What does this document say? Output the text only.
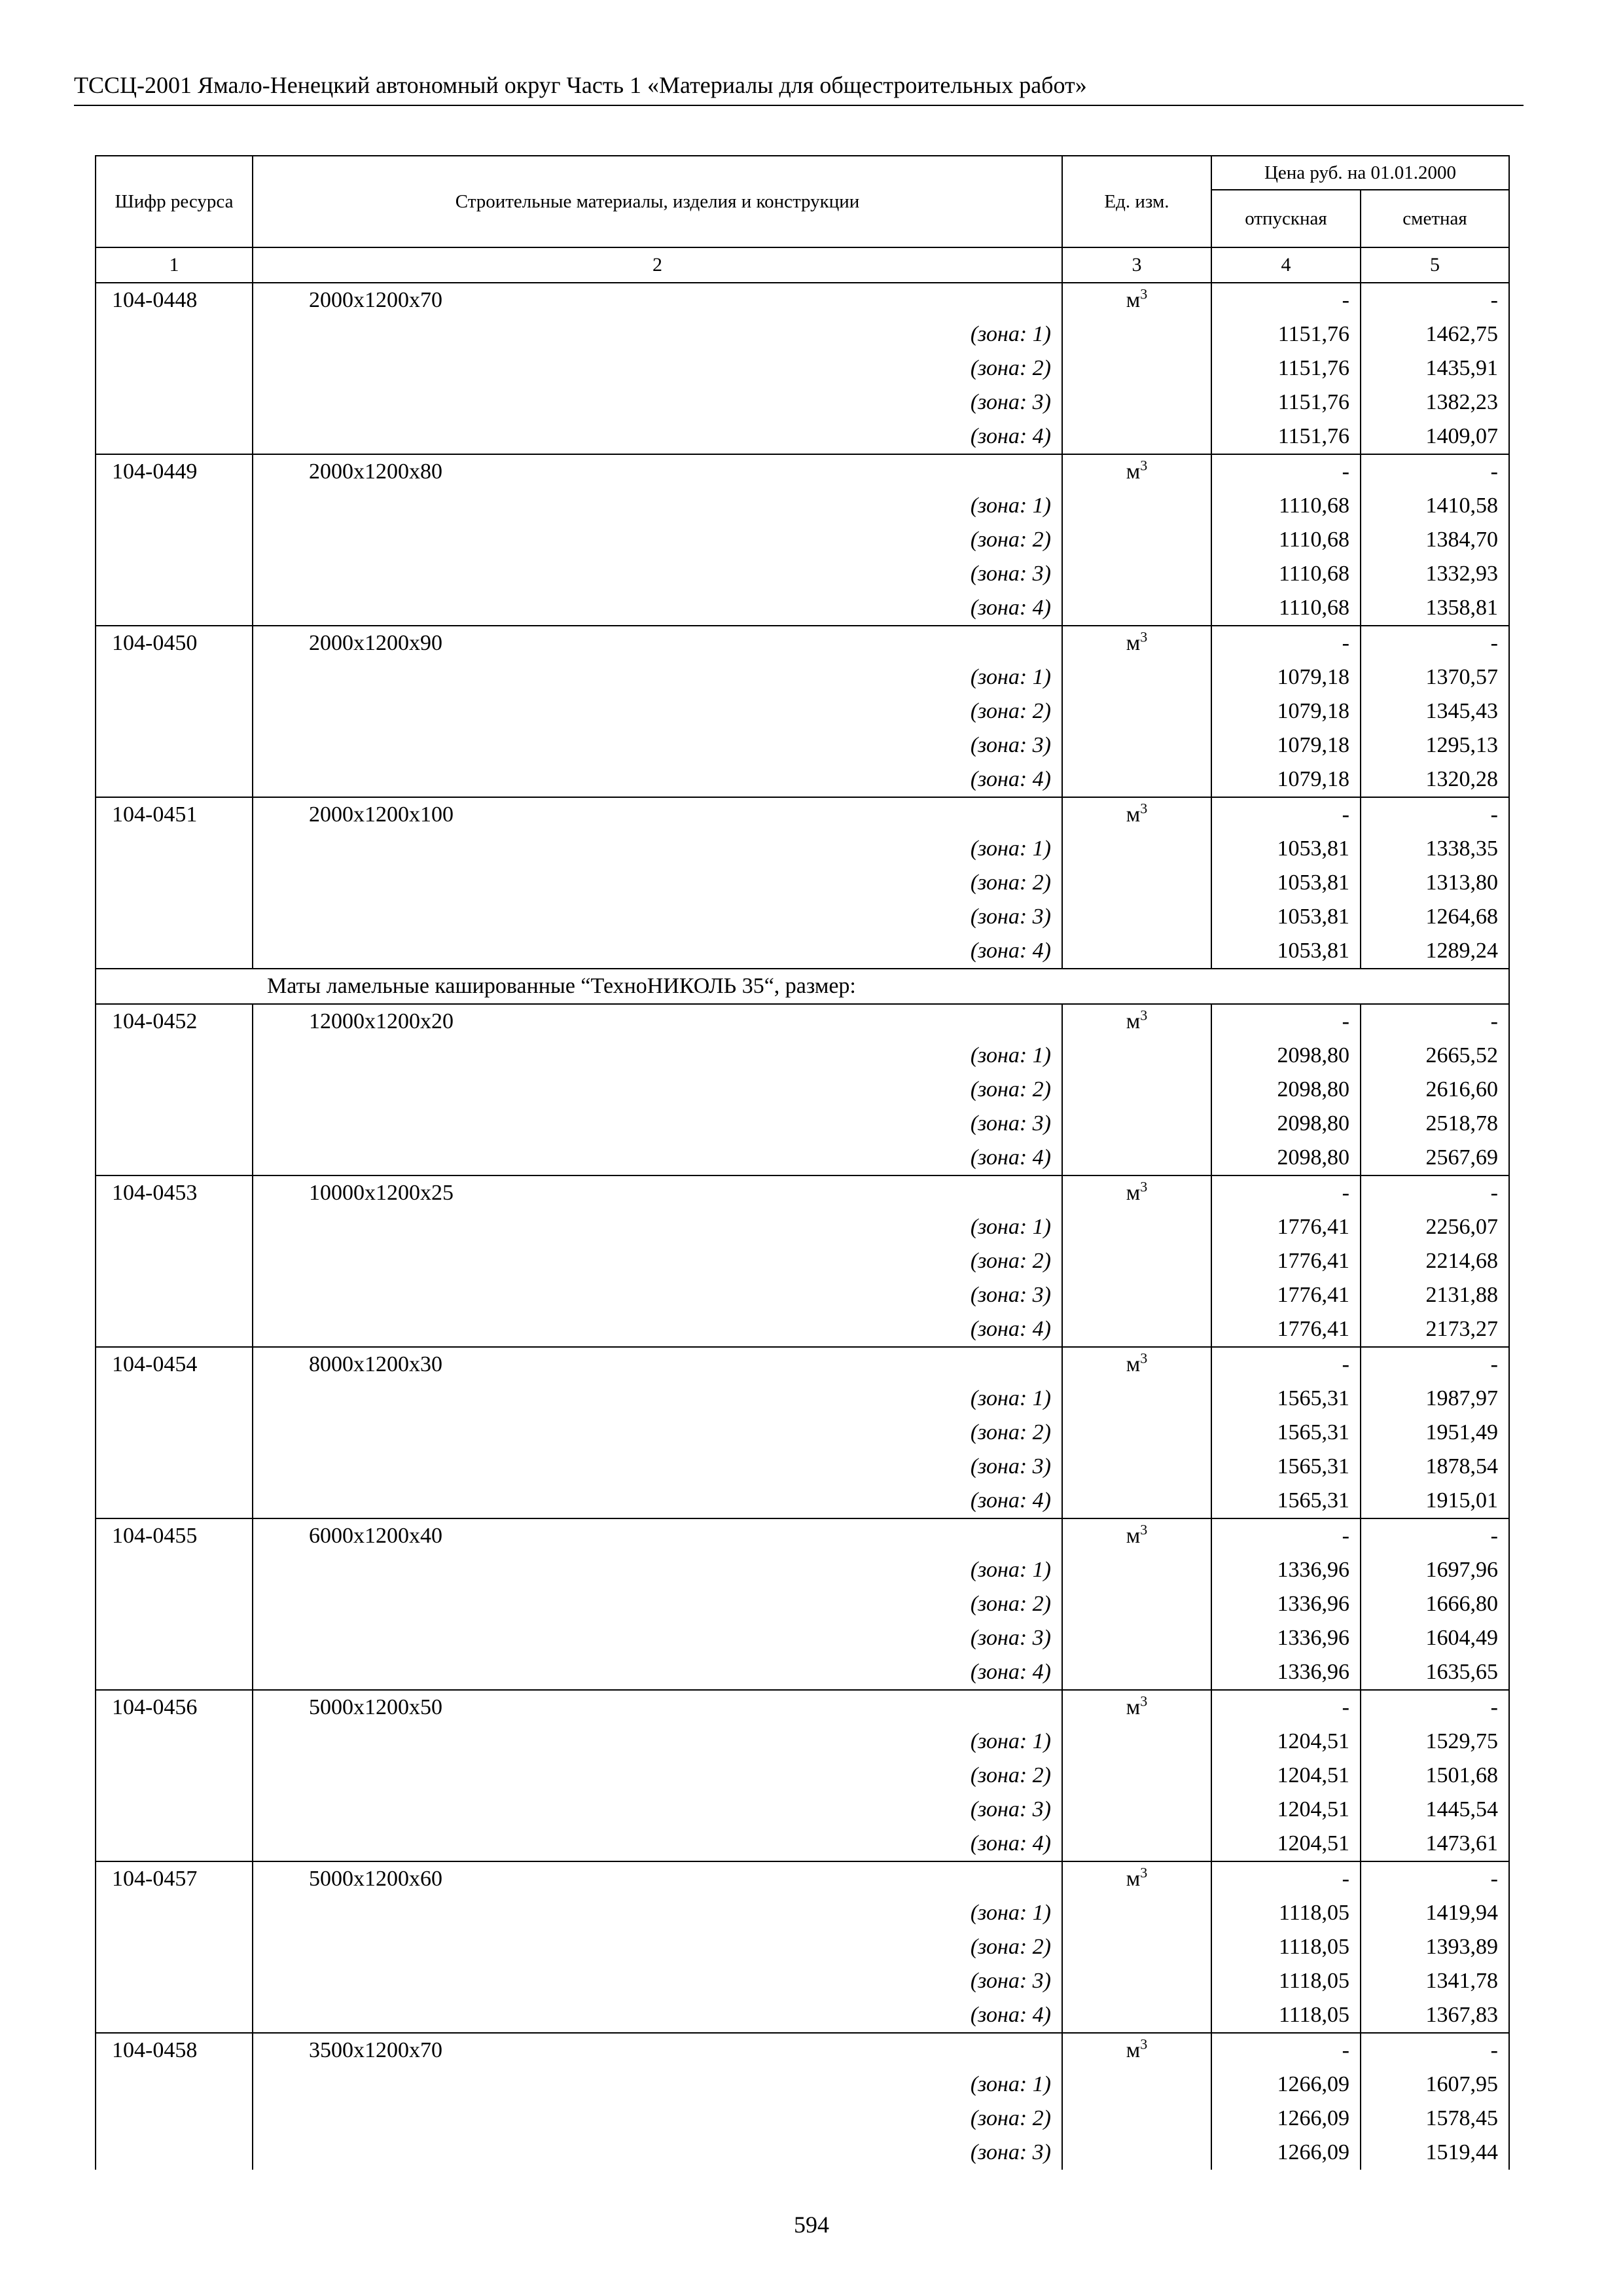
ТССЦ-2001 Ямало-Ненецкий автономный округ Часть 1 «Материалы для общестроительных работ»
Шифр ресурса	Строительные материалы, изделия и конструкции	Ед. изм.	Цена руб. на 01.01.2000	
			отпускная	сметная
1	2	3	4	5
104-0448	2000х1200х70	$м^3$	-	-
	(зона: 1)		1151,76	1462,75
	(зона: 2)		1151,76	1435,91
	(зона: 3)		1151,76	1382,23
	(зона: 4)		1151,76	1409,07
104-0449	2000х1200х80	$м^3$	-	-
	(зона: 1)		1110,68	1410,58
	(зона: 2)		1110,68	1384,70
	(зона: 3)		1110,68	1332,93
	(зона: 4)		1110,68	1358,81
104-0450	2000х1200х90	$м^3$	-	-
	(зона: 1)		1079,18	1370,57
	(зона: 2)		1079,18	1345,43
	(зона: 3)		1079,18	1295,13
	(зона: 4)		1079,18	1320,28
104-0451	2000х1200х100	$м^3$	-	-
	(зона: 1)		1053,81	1338,35
	(зона: 2)		1053,81	1313,80
	(зона: 3)		1053,81	1264,68
	(зона: 4)		1053,81	1289,24
	Маты ламельные кашированные “ТехноНИКОЛЬ 35“, размер:			
104-0452	12000х1200х20	$м^3$	-	-
	(зона: 1)		2098,80	2665,52
	(зона: 2)		2098,80	2616,60
	(зона: 3)		2098,80	2518,78
	(зона: 4)		2098,80	2567,69
104-0453	10000х1200х25	$м^3$	-	-
	(зона: 1)		1776,41	2256,07
	(зона: 2)		1776,41	2214,68
	(зона: 3)		1776,41	2131,88
	(зона: 4)		1776,41	2173,27
104-0454	8000х1200х30	$м^3$	-	-
	(зона: 1)		1565,31	1987,97
	(зона: 2)		1565,31	1951,49
	(зона: 3)		1565,31	1878,54
	(зона: 4)		1565,31	1915,01
104-0455	6000х1200х40	$м^3$	-	-
	(зона: 1)		1336,96	1697,96
	(зона: 2)		1336,96	1666,80
	(зона: 3)		1336,96	1604,49
	(зона: 4)		1336,96	1635,65
104-0456	5000х1200х50	$м^3$	-	-
	(зона: 1)		1204,51	1529,75
	(зона: 2)		1204,51	1501,68
	(зона: 3)		1204,51	1445,54
	(зона: 4)		1204,51	1473,61
104-0457	5000х1200х60	$м^3$	-	-
	(зона: 1)		1118,05	1419,94
	(зона: 2)		1118,05	1393,89
	(зона: 3)		1118,05	1341,78
	(зона: 4)		1118,05	1367,83
104-0458	3500х1200х70	$м^3$	-	-
	(зона: 1)		1266,09	1607,95
	(зона: 2)		1266,09	1578,45
	(зона: 3)		1266,09	1519,44
594
